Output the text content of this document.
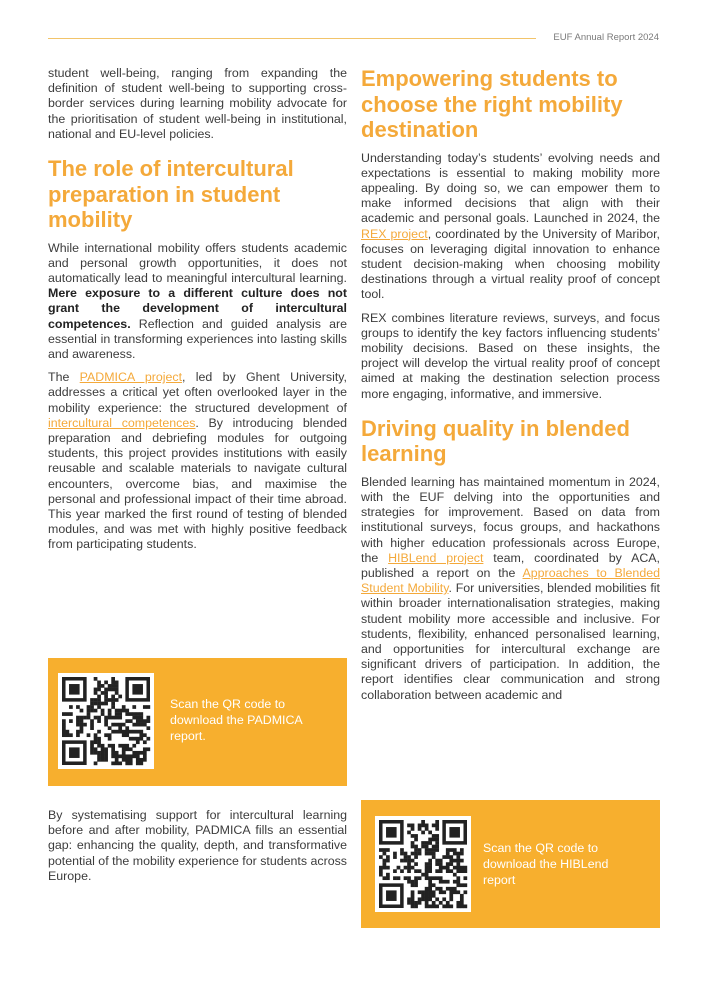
EUF Annual Report 2024

student well-being, ranging from expanding the definition of student well-being to supporting cross-border services during learning mobility advocate for the prioritisation of student well-being in institutional, national and EU-level policies.

The role of intercultural preparation in student mobility

While international mobility offers students academic and personal growth opportunities, it does not automatically lead to meaningful intercultural learning. Mere exposure to a different culture does not grant the development of intercultural competences. Reflection and guided analysis are essential in transforming experiences into lasting skills and awareness.

The PADMICA project, led by Ghent University, addresses a critical yet often overlooked layer in the mobility experience: the structured development of intercultural competences. By introducing blended preparation and debriefing modules for outgoing students, this project provides institutions with easily reusable and scalable materials to navigate cultural encounters, overcome bias, and maximise the personal and professional impact of their time abroad. This year marked the first round of testing of blended modules, and was met with highly positive feedback from participating students.

Scan the QR code to download the PADMICA report.

By systematising support for intercultural learning before and after mobility, PADMICA fills an essential gap: enhancing the quality, depth, and transformative potential of the mobility experience for students across Europe.

Empowering students to choose the right mobility destination

Understanding today’s students’ evolving needs and expectations is essential to making mobility more appealing. By doing so, we can empower them to make informed decisions that align with their academic and personal goals. Launched in 2024, the REX project, coordinated by the University of Maribor, focuses on leveraging digital innovation to enhance student decision-making when choosing mobility destinations through a virtual reality proof of concept tool.

REX combines literature reviews, surveys, and focus groups to identify the key factors influencing students’ mobility decisions. Based on these insights, the project will develop the virtual reality proof of concept aimed at making the destination selection process more engaging, informative, and immersive.

Driving quality in blended learning

Blended learning has maintained momentum in 2024, with the EUF delving into the opportunities and strategies for improvement. Based on data from institutional surveys, focus groups, and hackathons with higher education professionals across Europe, the HIBLend project team, coordinated by ACA, published a report on the Approaches to Blended Student Mobility. For universities, blended mobilities fit within broader internationalisation strategies, making student mobility more accessible and inclusive. For students, flexibility, enhanced personalised learning, and opportunities for intercultural exchange are significant drivers of participation. In addition, the report identifies clear communication and strong collaboration between academic and

Scan the QR code to download the HIBLend report
